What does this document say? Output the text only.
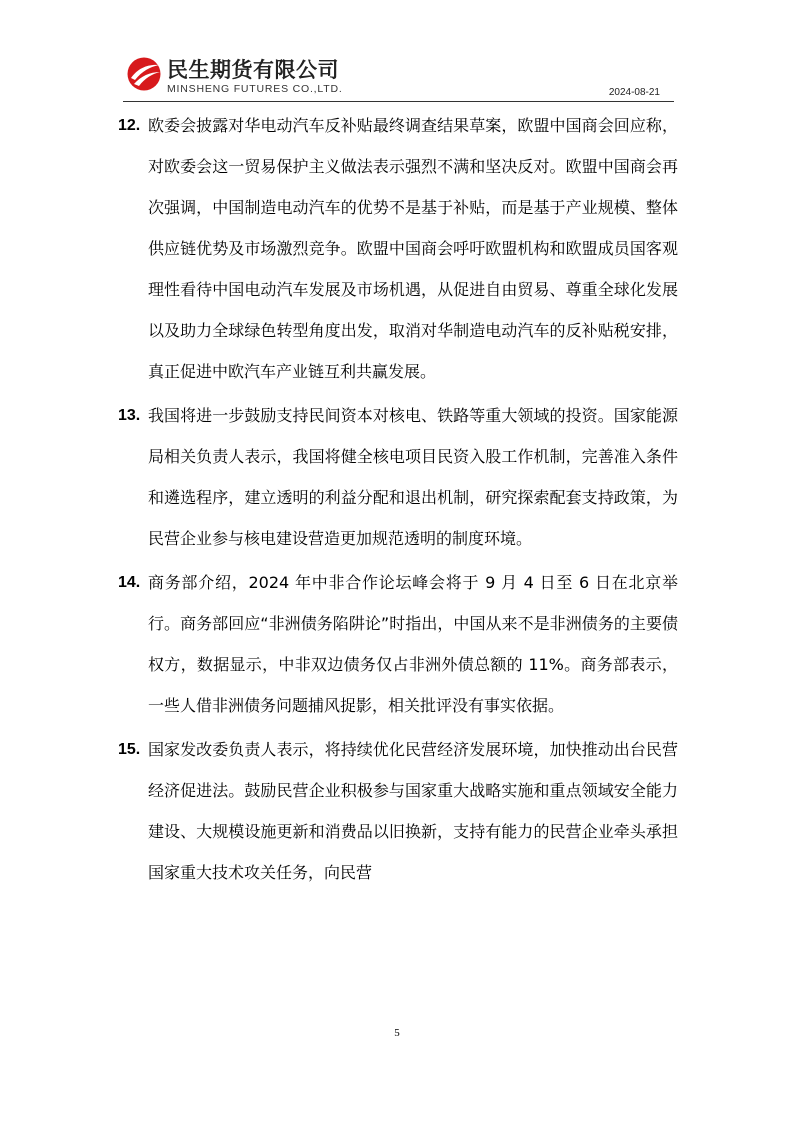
民生期货有限公司
MINSHENG FUTURES CO.,LTD.	2024-08-21
12. 欧委会披露对华电动汽车反补贴最终调查结果草案，欧盟中国商会回应称，对欧委会这一贸易保护主义做法表示强烈不满和坚决反对。欧盟中国商会再次强调，中国制造电动汽车的优势不是基于补贴，而是基于产业规模、整体供应链优势及市场激烈竞争。欧盟中国商会呼吁欧盟机构和欧盟成员国客观理性看待中国电动汽车发展及市场机遇，从促进自由贸易、尊重全球化发展以及助力全球绿色转型角度出发，取消对华制造电动汽车的反补贴税安排，真正促进中欧汽车产业链互利共赢发展。
13. 我国将进一步鼓励支持民间资本对核电、铁路等重大领域的投资。国家能源局相关负责人表示，我国将健全核电项目民资入股工作机制，完善准入条件和遴选程序，建立透明的利益分配和退出机制，研究探索配套支持政策，为民营企业参与核电建设营造更加规范透明的制度环境。
14. 商务部介绍，2024 年中非合作论坛峰会将于 9 月 4 日至 6 日在北京举行。商务部回应“非洲债务陷阱论”时指出，中国从来不是非洲债务的主要债权方，数据显示，中非双边债务仅占非洲外债总额的 11%。商务部表示，一些人借非洲债务问题捕风捉影，相关批评没有事实依据。
15. 国家发改委负责人表示，将持续优化民营经济发展环境，加快推动出台民营经济促进法。鼓励民营企业积极参与国家重大战略实施和重点领域安全能力建设、大规模设施更新和消费品以旧换新，支持有能力的民营企业牵头承担国家重大技术攻关任务，向民营
5
